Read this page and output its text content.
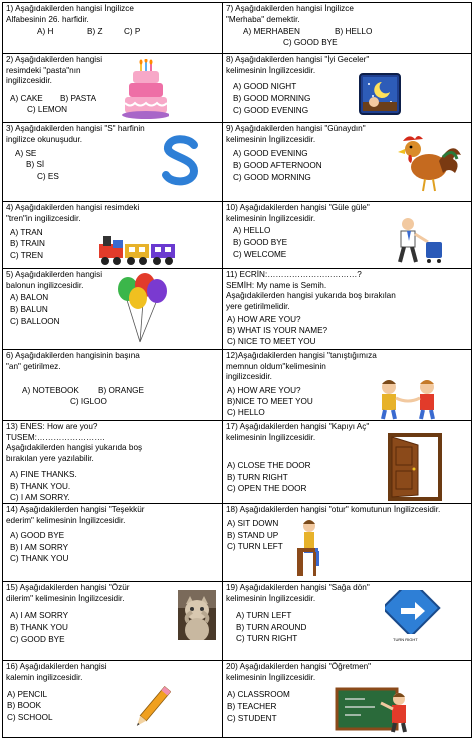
1) Aşağıdakilerden hangisi İngilizce
Alfabesinin 26. harfidir.
A) H	B) Z	C) P
7) Aşağıdakilerden hangisi İngilizce
"Merhaba" demektir.
A) MERHABEN	B) HELLO
C) GOOD BYE
2) Aşağıdakilerden hangisi
resimdeki "pasta"nın
ingilizcesidir.
A) CAKE B) PASTA
C) LEMON
8) Aşağıdakilerden hangisi "İyi Geceler"
kelimesinin İngilizcesidir.
A) GOOD NIGHT
B) GOOD MORNING
C) GOOD EVENING
3) Aşağıdakilerden hangisi "S" harfinin
ingilizce okunuşudur.
A) SE
B) Sİ
C) ES
9) Aşağıdakilerden hangisi "Günaydın"
kelimesinin İngilizcesidir.
A) GOOD EVENING
B) GOOD AFTERNOON
C) GOOD MORNING
4) Aşağıdakilerden hangisi resimdeki
"tren"in ingilizcesidir.
A) TRAN
B) TRAIN
C) TREN
10) Aşağıdakilerden hangisi "Güle güle"
kelimesinin İngilizcesidir.
A) HELLO
B) GOOD BYE
C) WELCOME
5) Aşağıdakilerden hangisi
balonun ingilizcesidir.
A) BALON
B) BALUN
C) BALLOON
11) ECRİN:……………………………?
SEMİH: My name is Semih.
Aşağıdakilerden hangisi yukarıda boş bırakılan
yere getirilmelidir.
A) HOW ARE YOU?
B) WHAT IS YOUR NAME?
C) NICE TO MEET YOU
6) Aşağıdakilerden hangisinin başına
"an" getirilmez.
A) NOTEBOOK B) ORANGE
C) IGLOO
12)Aşağıdakilerden hangisi "tanıştığımıza
memnun oldum"kelimesinin
ingilizcesidir.
A) HOW ARE YOU?
B)NICE TO MEET YOU
C) HELLO
13) ENES: How are you?
TUSEM:…………………….
Aşağıdakilerden hangisi yukarıda boş
bırakılan yere yazılabilir.
A) FINE THANKS.
B) THANK YOU.
C) I AM SORRY.
17) Aşağıdakilerden hangisi "Kapıyı Aç"
kelimesinin İngilizcesidir.
A) CLOSE THE DOOR
B) TURN RIGHT
C) OPEN THE DOOR
14) Aşağıdakilerden hangisi "Teşekkür
ederim" kelimesinin İngilizcesidir.
A) GOOD BYE
B) I AM SORRY
C) THANK YOU
18) Aşağıdakilerden hangisi "otur" komutunun İngilizcesidir.
A) SIT DOWN
B) STAND UP
C) TURN LEFT
15) Aşağıdakilerden hangisi "Özür
dilerim" kelimesinin İngilizcesidir.
A) I AM SORRY
B) THANK YOU
C) GOOD BYE
19) Aşağıdakilerden hangisi "Sağa dön"
kelimesinin İngilizcesidir.
A) TURN LEFT
B) TURN AROUND
C) TURN RIGHT	TURN RIGHT
16) Aşağıdakilerden hangisi
kalemin ingilizcesidir.
A) PENCIL
B) BOOK
C) SCHOOL
20) Aşağıdakilerden hangisi "Öğretmen"
kelimesinin İngilizcesidir.
A) CLASSROOM
B) TEACHER
C) STUDENT
